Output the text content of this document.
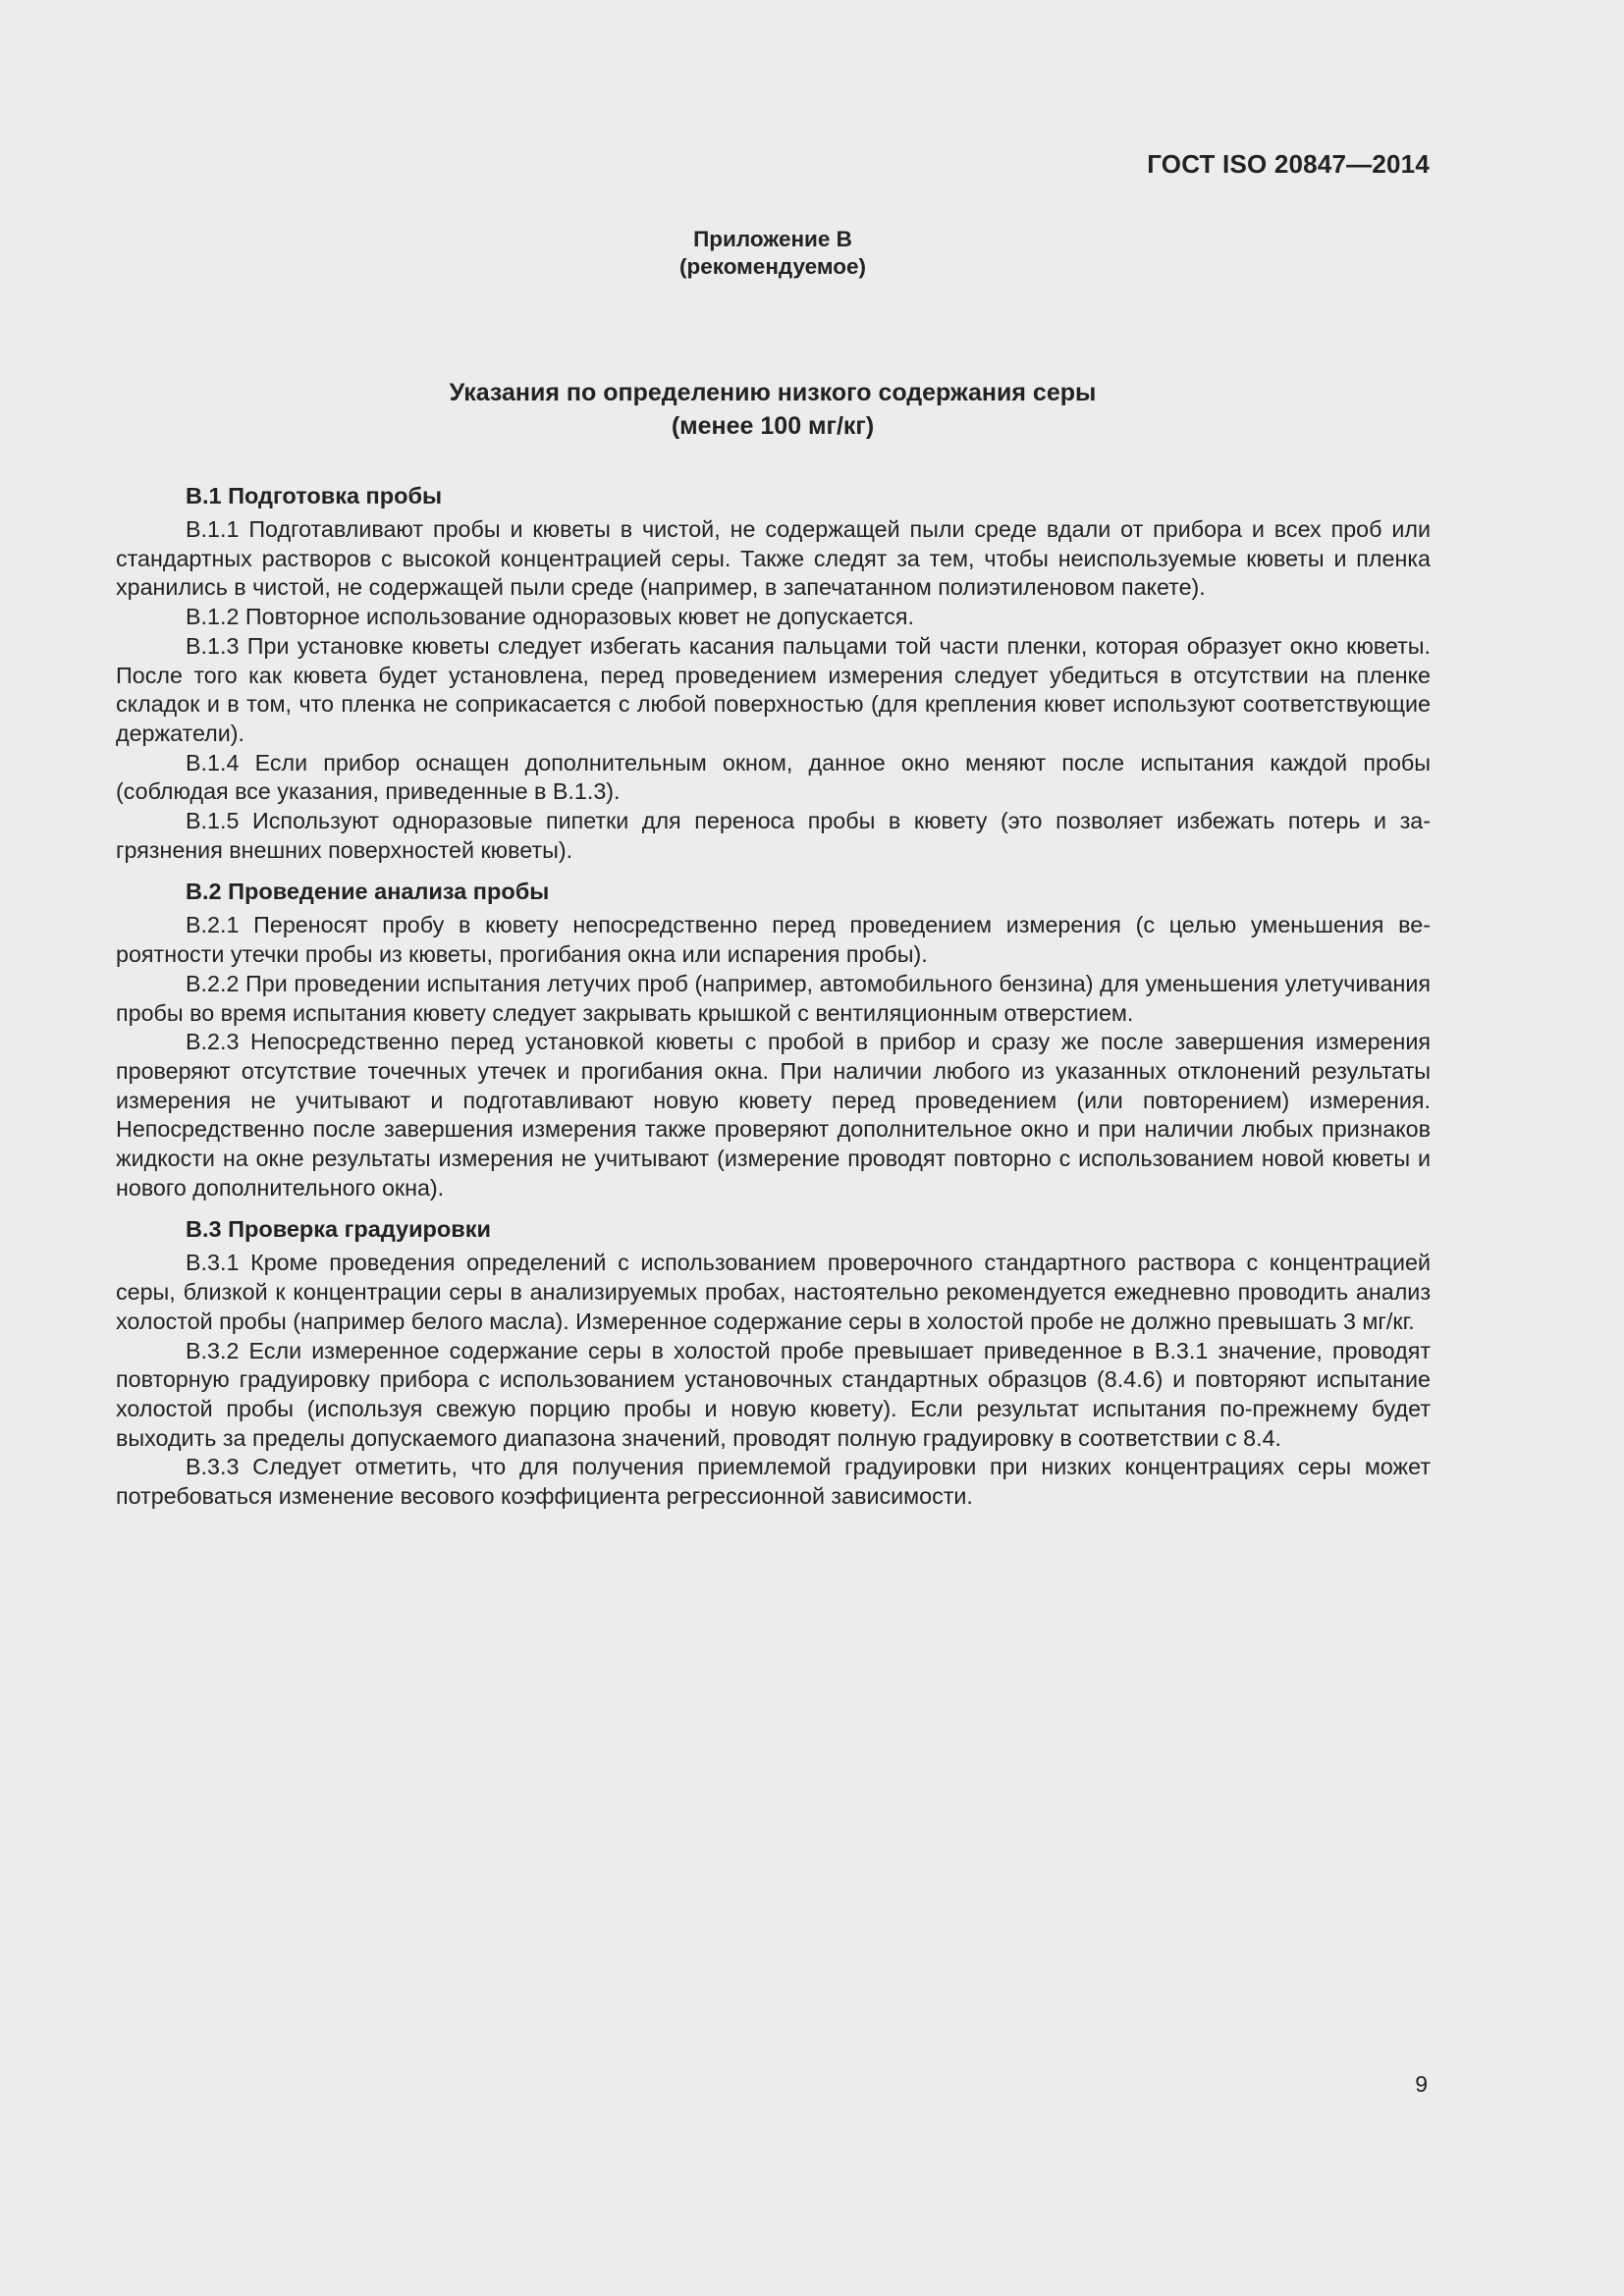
ГОСТ ISO 20847—2014
Приложение В
(рекомендуемое)
Указания по определению низкого содержания серы
(менее 100 мг/кг)
В.1 Подготовка пробы

В.1.1 Подготавливают пробы и кюветы в чистой, не содержащей пыли среде вдали от прибора и всех проб или стандартных растворов с высокой концентрацией серы. Также следят за тем, чтобы неиспользуемые кюветы и пленка хранились в чистой, не содержащей пыли среде (например, в запечатанном полиэтиленовом пакете).

В.1.2 Повторное использование одноразовых кювет не допускается.

В.1.3 При установке кюветы следует избегать касания пальцами той части пленки, которая образует окно кюветы. После того как кювета будет установлена, перед проведением измерения следует убедиться в отсутствии на пленке складок и в том, что пленка не соприкасается с любой поверхностью (для крепления кювет используют соответствующие держатели).

В.1.4 Если прибор оснащен дополнительным окном, данное окно меняют после испытания каждой пробы (соблюдая все указания, приведенные в В.1.3).

В.1.5 Используют одноразовые пипетки для переноса пробы в кювету (это позволяет избежать потерь и загрязнения внешних поверхностей кюветы).

В.2 Проведение анализа пробы

В.2.1 Переносят пробу в кювету непосредственно перед проведением измерения (с целью уменьшения вероятности утечки пробы из кюветы, прогибания окна или испарения пробы).

В.2.2 При проведении испытания летучих проб (например, автомобильного бензина) для уменьшения улетучивания пробы во время испытания кювету следует закрывать крышкой с вентиляционным отверстием.

В.2.3 Непосредственно перед установкой кюветы с пробой в прибор и сразу же после завершения измерения проверяют отсутствие точечных утечек и прогибания окна. При наличии любого из указанных отклонений результаты измерения не учитывают и подготавливают новую кювету перед проведением (или повторением) измерения. Непосредственно после завершения измерения также проверяют дополнительное окно и при наличии любых признаков жидкости на окне результаты измерения не учитывают (измерение проводят повторно с использованием новой кюветы и нового дополнительного окна).

В.3 Проверка градуировки

В.3.1 Кроме проведения определений с использованием проверочного стандартного раствора с концентрацией серы, близкой к концентрации серы в анализируемых пробах, настоятельно рекомендуется ежедневно проводить анализ холостой пробы (например белого масла). Измеренное содержание серы в холостой пробе не должно превышать 3 мг/кг.

В.3.2 Если измеренное содержание серы в холостой пробе превышает приведенное в В.3.1 значение, проводят повторную градуировку прибора с использованием установочных стандартных образцов (8.4.6) и повторяют испытание холостой пробы (используя свежую порцию пробы и новую кювету). Если результат испытания по-прежнему будет выходить за пределы допускаемого диапазона значений, проводят полную градуировку в соответствии с 8.4.

В.3.3 Следует отметить, что для получения приемлемой градуировки при низких концентрациях серы может потребоваться изменение весового коэффициента регрессионной зависимости.

9
